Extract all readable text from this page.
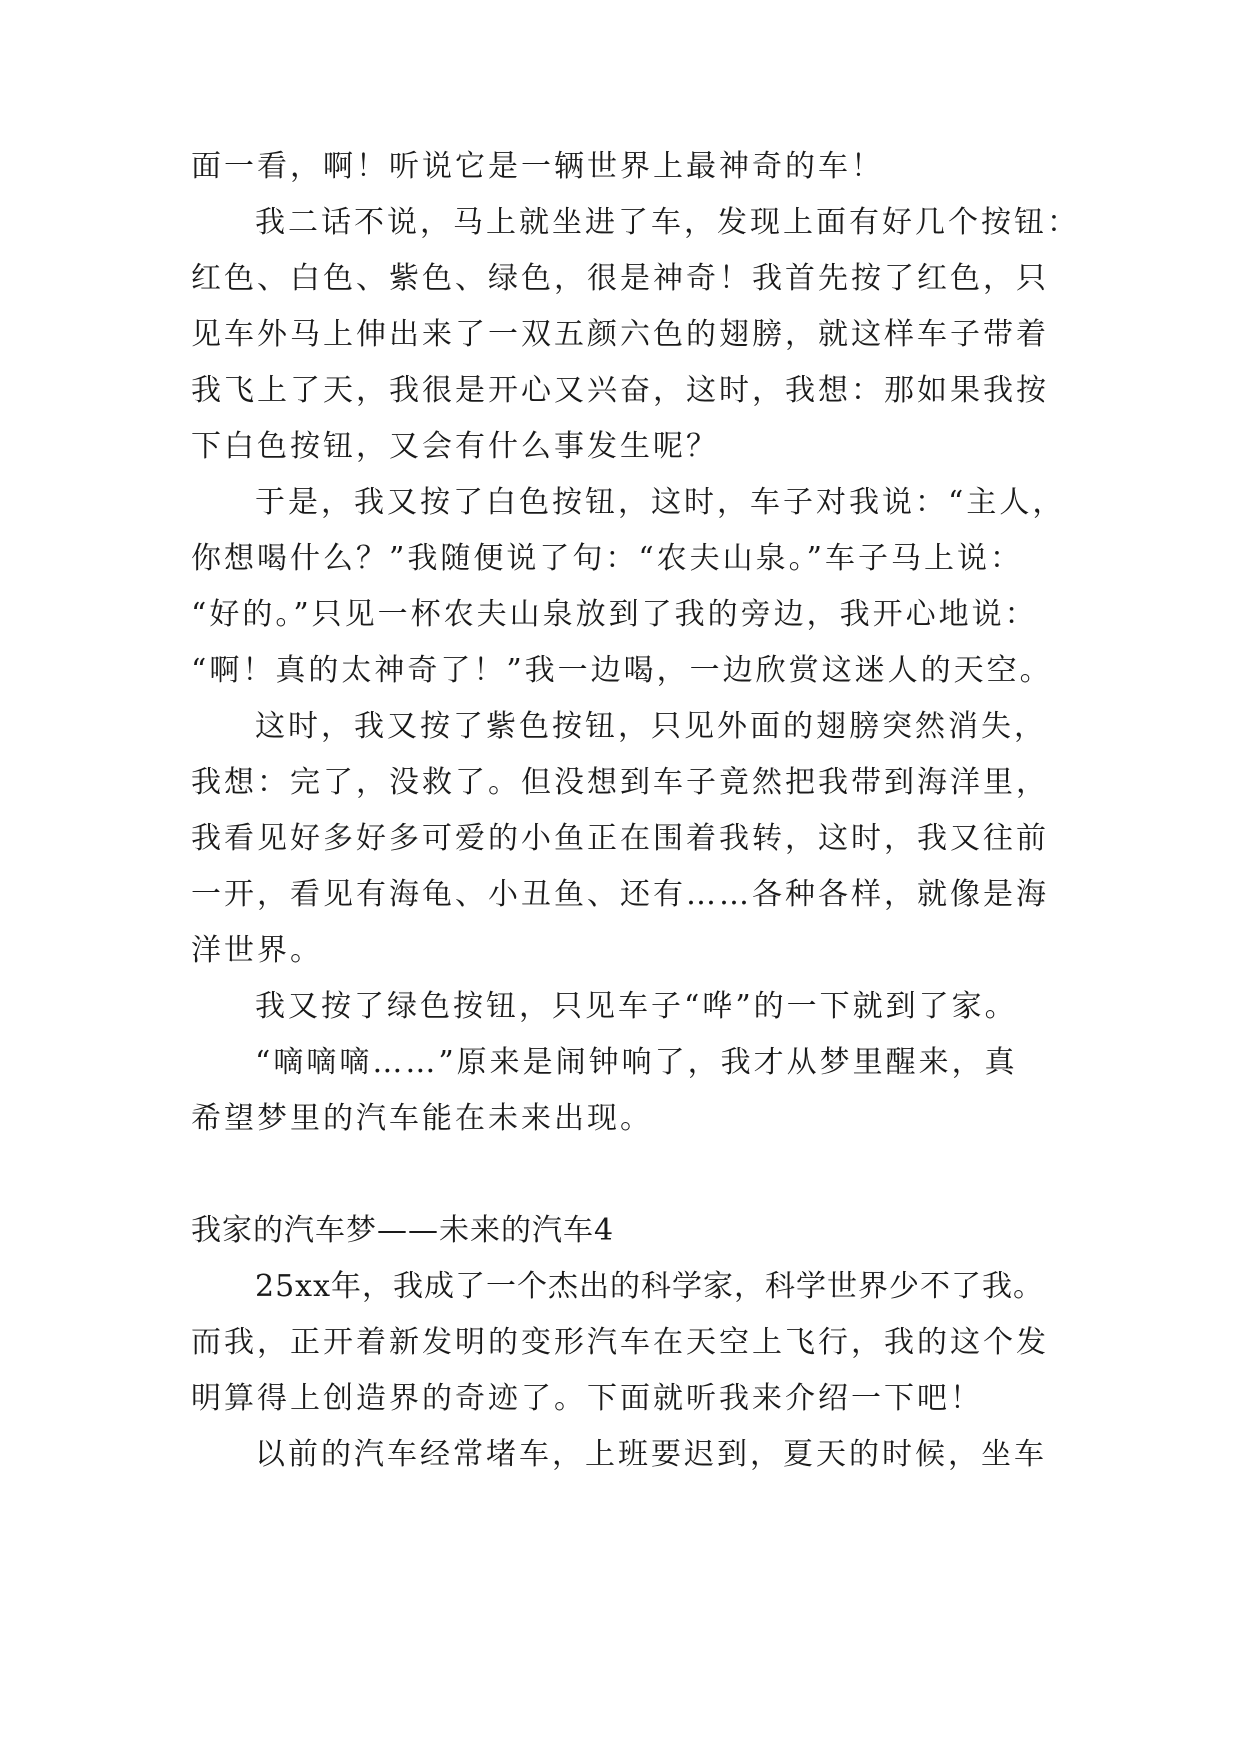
面一看，啊！听说它是一辆世界上最神奇的车！
我二话不说，马上就坐进了车，发现上面有好几个按钮：
红色、白色、紫色、绿色，很是神奇！我首先按了红色，只
见车外马上伸出来了一双五颜六色的翅膀，就这样车子带着
我飞上了天，我很是开心又兴奋，这时，我想：那如果我按
下白色按钮，又会有什么事发生呢？
于是，我又按了白色按钮，这时，车子对我说：“主人，
你想喝什么？”我随便说了句：“农夫山泉。”车子马上说：
“好的。”只见一杯农夫山泉放到了我的旁边，我开心地说：
“啊！真的太神奇了！”我一边喝，一边欣赏这迷人的天空。
这时，我又按了紫色按钮，只见外面的翅膀突然消失，
我想：完了，没救了。但没想到车子竟然把我带到海洋里，
我看见好多好多可爱的小鱼正在围着我转，这时，我又往前
一开，看见有海龟、小丑鱼、还有……各种各样，就像是海
洋世界。
我又按了绿色按钮，只见车子“哗”的一下就到了家。
“嘀嘀嘀……”原来是闹钟响了，我才从梦里醒来，真
希望梦里的汽车能在未来出现。
我家的汽车梦——未来的汽车4
25xx年，我成了一个杰出的科学家，科学世界少不了我。
而我，正开着新发明的变形汽车在天空上飞行，我的这个发
明算得上创造界的奇迹了。下面就听我来介绍一下吧！
以前的汽车经常堵车，上班要迟到，夏天的时候，坐车
